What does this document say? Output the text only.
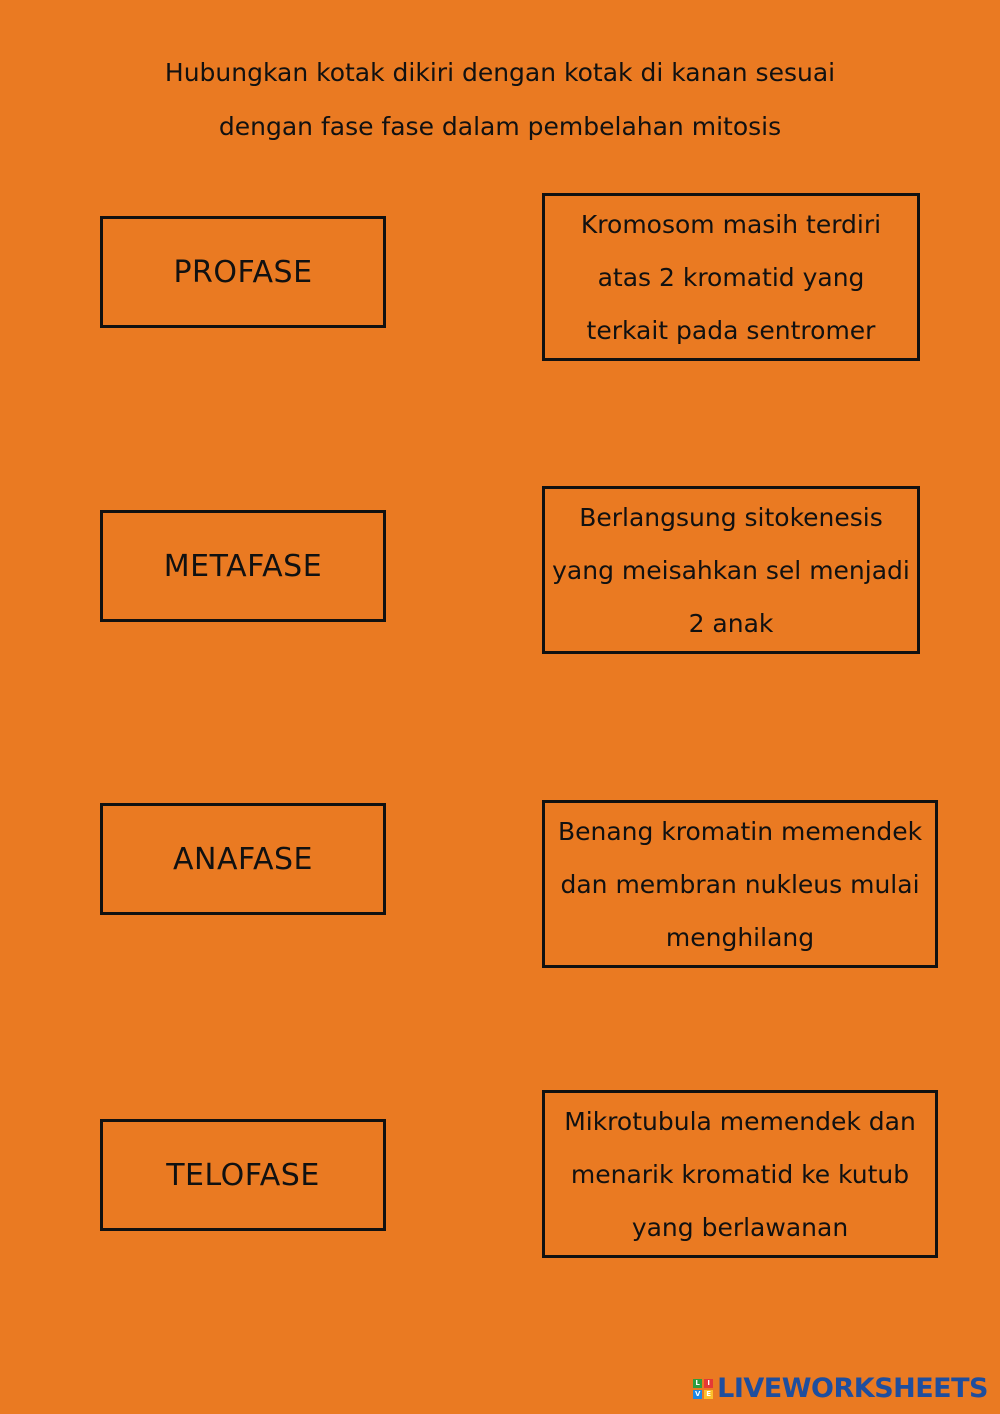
Hubungkan kotak dikiri dengan kotak di kanan sesuai
dengan fase fase dalam pembelahan mitosis
PROFASE
METAFASE
ANAFASE
TELOFASE
Kromosom masih terdiri
atas 2 kromatid yang
terkait pada sentromer
Berlangsung sitokenesis
yang meisahkan sel menjadi
2 anak
Benang kromatin memendek
dan membran nukleus mulai
menghilang
Mikrotubula memendek dan
menarik kromatid ke kutub
yang berlawanan
L	I
V E LIVEWORKSHEETS
